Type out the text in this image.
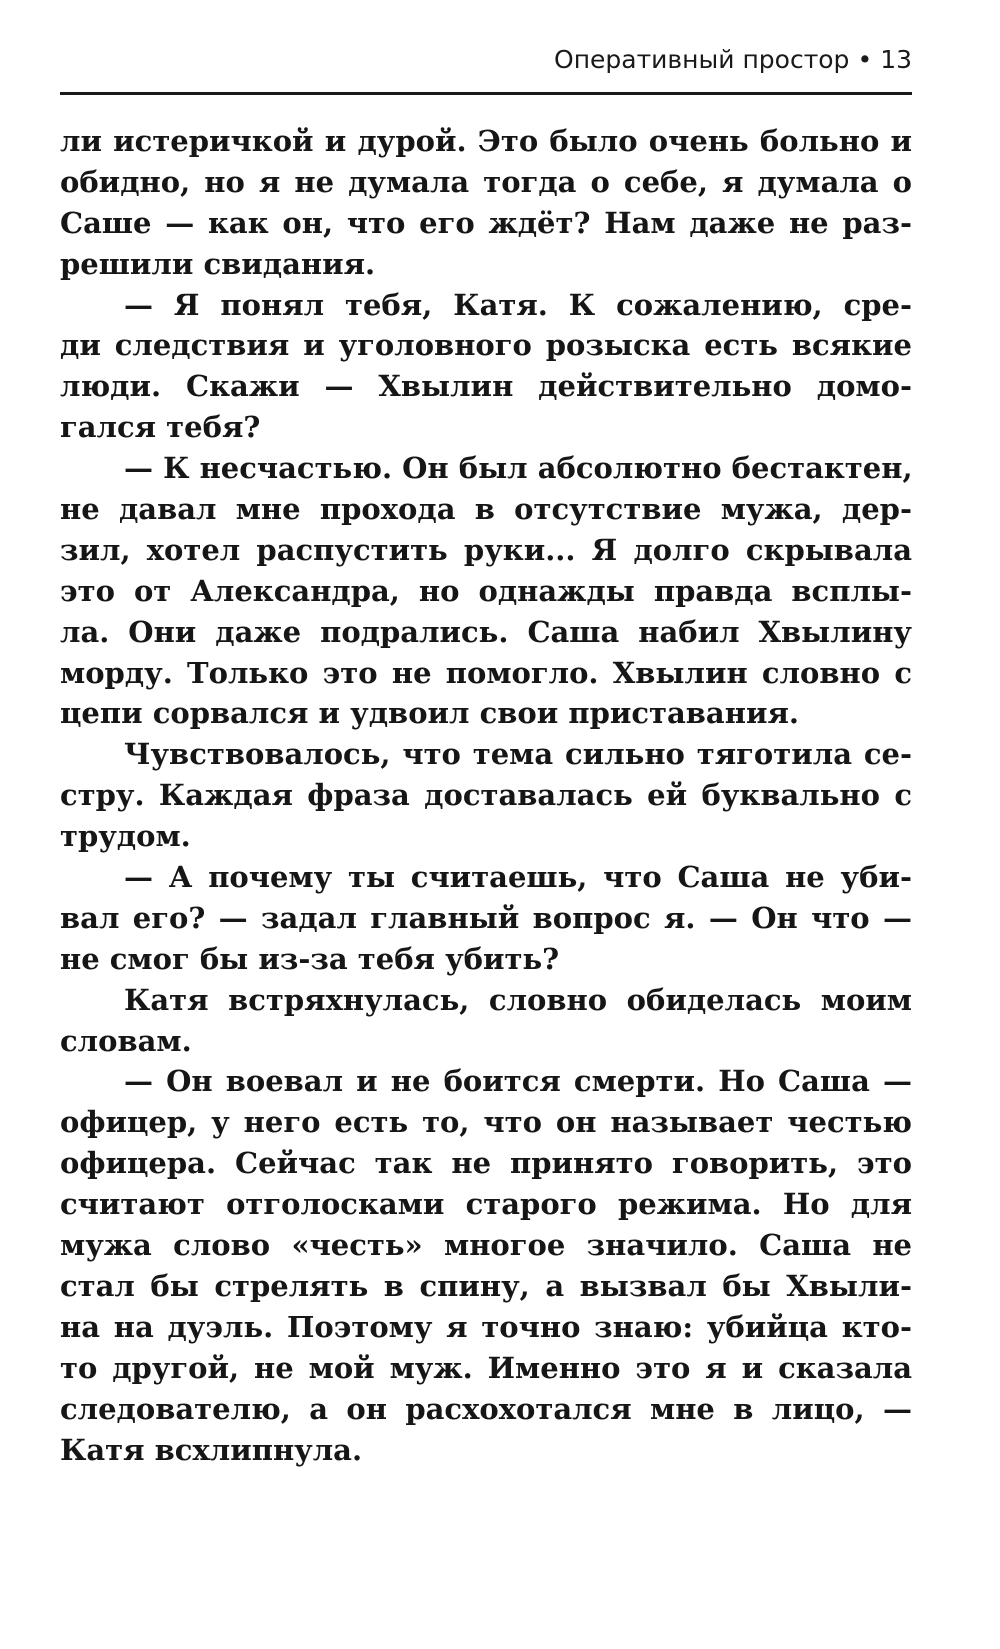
Оперативный простор • 13
ли истеричкой и дурой. Это было очень больно и
обидно, но я не думала тогда о себе, я думала о
Саше — как он, что его ждёт? Нам даже не раз-
решили свидания.
— Я понял тебя, Катя. К сожалению, сре-
ди следствия и уголовного розыска есть всякие
люди. Скажи — Хвылин действительно домо-
гался тебя?
— К несчастью. Он был абсолютно бестактен,
не давал мне прохода в отсутствие мужа, дер-
зил, хотел распустить руки... Я долго скрывала
это от Александра, но однажды правда всплы-
ла. Они даже подрались. Саша набил Хвылину
морду. Только это не помогло. Хвылин словно с
цепи сорвался и удвоил свои приставания.
Чувствовалось, что тема сильно тяготила се-
стру. Каждая фраза доставалась ей буквально с
трудом.
— А почему ты считаешь, что Саша не уби-
вал его? — задал главный вопрос я. — Он что —
не смог бы из-за тебя убить?
Катя встряхнулась, словно обиделась моим
словам.
— Он воевал и не боится смерти. Но Саша —
офицер, у него есть то, что он называет честью
офицера. Сейчас так не принято говорить, это
считают отголосками старого режима. Но для
мужа слово «честь» многое значило. Саша не
стал бы стрелять в спину, а вызвал бы Хвыли-
на на дуэль. Поэтому я точно знаю: убийца кто-
то другой, не мой муж. Именно это я и сказала
следователю, а он расхохотался мне в лицо, —
Катя всхлипнула.
